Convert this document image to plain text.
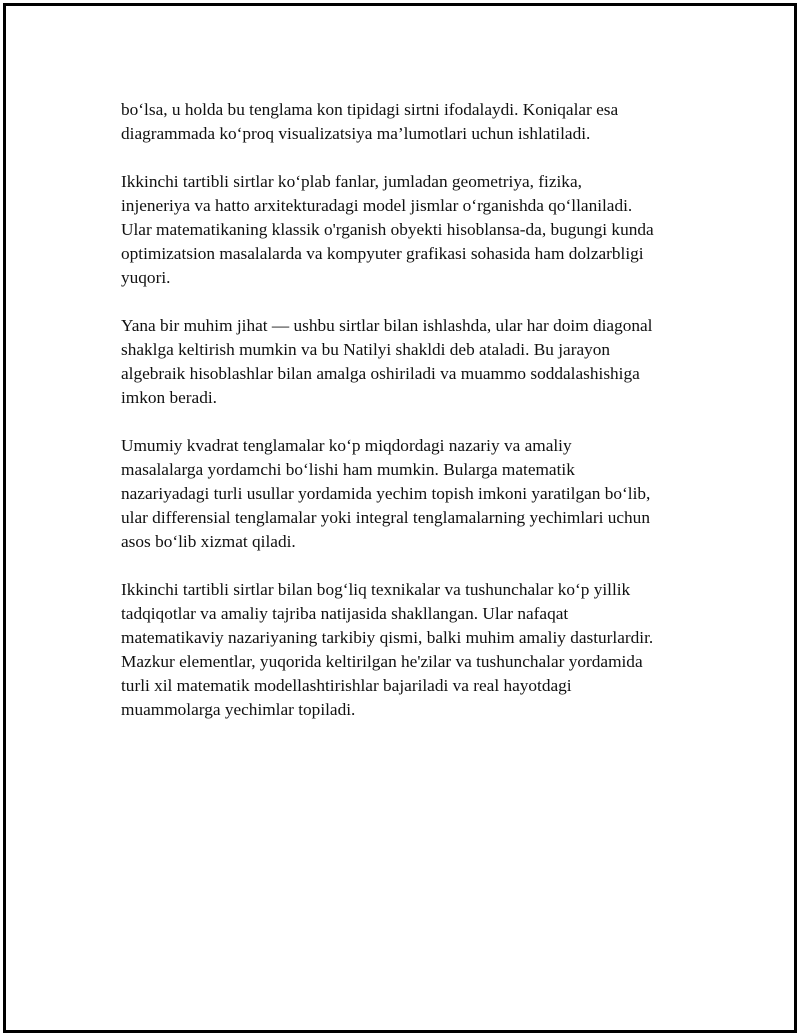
bo‘lsa, u holda bu tenglama kon tipidagi sirtni ifodalaydi. Koniqalar esa
diagrammada ko‘proq visualizatsiya ma’lumotlari uchun ishlatiladi.

Ikkinchi tartibli sirtlar ko‘plab fanlar, jumladan geometriya, fizika,
injeneriya va hatto arxitekturadagi model jismlar o‘rganishda qo‘llaniladi.
Ular matematikaning klassik o'rganish obyekti hisoblansa-da, bugungi kunda
optimizatsion masalalarda va kompyuter grafikasi sohasida ham dolzarbligi
yuqori.

Yana bir muhim jihat — ushbu sirtlar bilan ishlashda, ular har doim diagonal
shaklga keltirish mumkin va bu Natilyi shakldi deb ataladi. Bu jarayon
algebraik hisoblashlar bilan amalga oshiriladi va muammo soddalashishiga
imkon beradi.

Umumiy kvadrat tenglamalar ko‘p miqdordagi nazariy va amaliy
masalalarga yordamchi bo‘lishi ham mumkin. Bularga matematik
nazariyadagi turli usullar yordamida yechim topish imkoni yaratilgan bo‘lib,
ular differensial tenglamalar yoki integral tenglamalarning yechimlari uchun
asos bo‘lib xizmat qiladi.

Ikkinchi tartibli sirtlar bilan bog‘liq texnikalar va tushunchalar ko‘p yillik
tadqiqotlar va amaliy tajriba natijasida shakllangan. Ular nafaqat
matematikaviy nazariyaning tarkibiy qismi, balki muhim amaliy dasturlardir.
Mazkur elementlar, yuqorida keltirilgan he'zilar va tushunchalar yordamida
turli xil matematik modellashtirishlar bajariladi va real hayotdagi
muammolarga yechimlar topiladi.
